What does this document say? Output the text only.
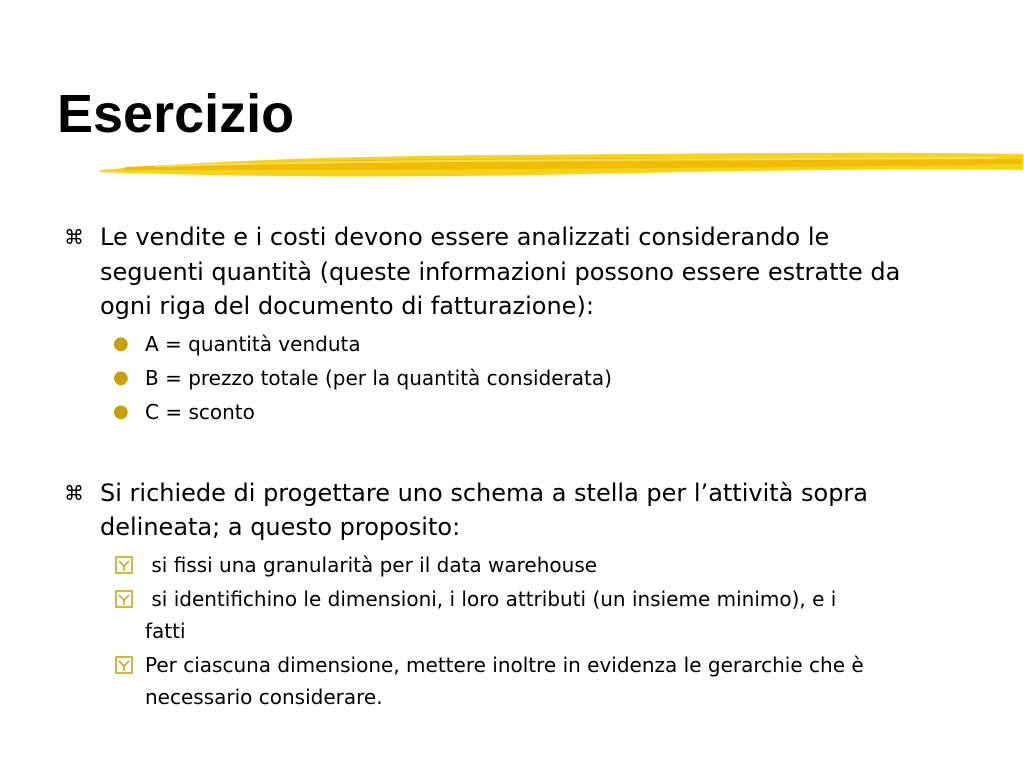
Esercizio
⌘ Le vendite e i costi devono essere analizzati considerando le
seguenti quantità (queste informazioni possono essere estratte da
ogni riga del documento di fatturazione):
● A = quantità venduta
● B = prezzo totale (per la quantità considerata)
● C = sconto
⌘ Si richiede di progettare uno schema a stella per l’attività sopra
delineata; a questo proposito:
si fissi una granularità per il data warehouse
si identifichino le dimensioni, i loro attributi (un insieme minimo), e i
fatti
Per ciascuna dimensione, mettere inoltre in evidenza le gerarchie che è
necessario considerare.
